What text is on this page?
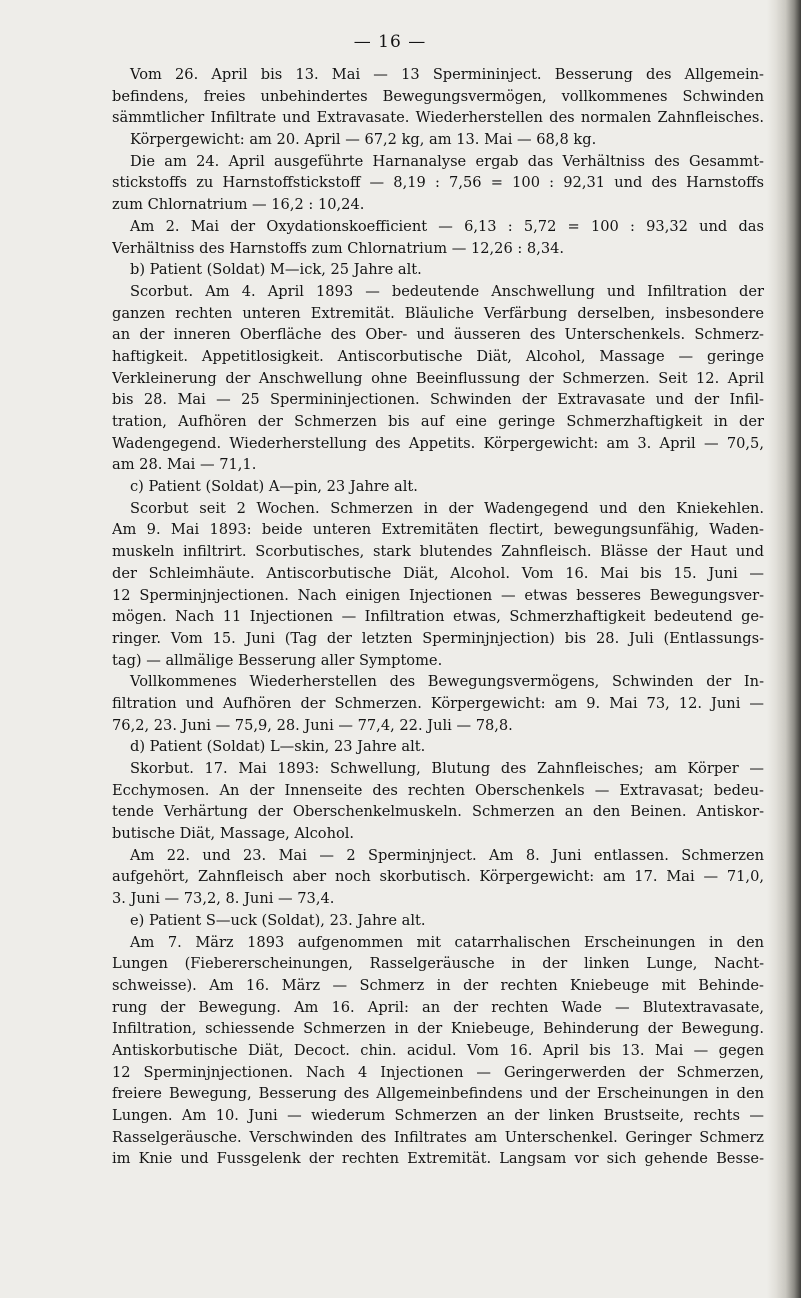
— 16 —
Vom 26. April bis 13. Mai — 13 Spermininject. Besserung des Allgemein-
befindens, freies unbehindertes Bewegungsvermögen, vollkommenes Schwinden
sämmtlicher Infiltrate und Extravasate. Wiederherstellen des normalen Zahnfleisches.
Körpergewicht: am 20. April — 67,2 kg, am 13. Mai — 68,8 kg.
Die am 24. April ausgeführte Harnanalyse ergab das Verhältniss des Gesammt-
stickstoffs zu Harnstoffstickstoff — 8,19 : 7,56 = 100 : 92,31 und des Harnstoffs
zum Chlornatrium — 16,2 : 10,24.
Am 2. Mai der Oxydationskoefficient — 6,13 : 5,72 = 100 : 93,32 und das
Verhältniss des Harnstoffs zum Chlornatrium — 12,26 : 8,34.
b) Patient (Soldat) M—ick, 25 Jahre alt.
Scorbut. Am 4. April 1893 — bedeutende Anschwellung und Infiltration der
ganzen rechten unteren Extremität. Bläuliche Verfärbung derselben, insbesondere
an der inneren Oberfläche des Ober- und äusseren des Unterschenkels. Schmerz-
haftigkeit. Appetitlosigkeit. Antiscorbutische Diät, Alcohol, Massage — geringe
Verkleinerung der Anschwellung ohne Beeinflussung der Schmerzen. Seit 12. April
bis 28. Mai — 25 Spermininjectionen. Schwinden der Extravasate und der Infil-
tration, Aufhören der Schmerzen bis auf eine geringe Schmerzhaftigkeit in der
Wadengegend. Wiederherstellung des Appetits. Körpergewicht: am 3. April — 70,5,
am 28. Mai — 71,1.
c) Patient (Soldat) A—pin, 23 Jahre alt.
Scorbut seit 2 Wochen. Schmerzen in der Wadengegend und den Kniekehlen.
Am 9. Mai 1893: beide unteren Extremitäten flectirt, bewegungsunfähig, Waden-
muskeln infiltrirt. Scorbutisches, stark blutendes Zahnfleisch. Blässe der Haut und
der Schleimhäute. Antiscorbutische Diät, Alcohol. Vom 16. Mai bis 15. Juni —
12 Sperminjnjectionen. Nach einigen Injectionen — etwas besseres Bewegungsver-
mögen. Nach 11 Injectionen — Infiltration etwas, Schmerzhaftigkeit bedeutend ge-
ringer. Vom 15. Juni (Tag der letzten Sperminjnjection) bis 28. Juli (Entlassungs-
tag) — allmälige Besserung aller Symptome.
Vollkommenes Wiederherstellen des Bewegungsvermögens, Schwinden der In-
filtration und Aufhören der Schmerzen. Körpergewicht: am 9. Mai 73, 12. Juni —
76,2, 23. Juni — 75,9, 28. Juni — 77,4, 22. Juli — 78,8.
d) Patient (Soldat) L—skin, 23 Jahre alt.
Skorbut. 17. Mai 1893: Schwellung, Blutung des Zahnfleisches; am Körper —
Ecchymosen. An der Innenseite des rechten Oberschenkels — Extravasat; bedeu-
tende Verhärtung der Oberschenkelmuskeln. Schmerzen an den Beinen. Antiskor-
butische Diät, Massage, Alcohol.
Am 22. und 23. Mai — 2 Sperminjnject. Am 8. Juni entlassen. Schmerzen
aufgehört, Zahnfleisch aber noch skorbutisch. Körpergewicht: am 17. Mai — 71,0,
3. Juni — 73,2, 8. Juni — 73,4.
e) Patient S—uck (Soldat), 23. Jahre alt.
Am 7. März 1893 aufgenommen mit catarrhalischen Erscheinungen in den
Lungen (Fiebererscheinungen, Rasselgeräusche in der linken Lunge, Nacht-
schweisse). Am 16. März — Schmerz in der rechten Kniebeuge mit Behinde-
rung der Bewegung. Am 16. April: an der rechten Wade — Blutextravasate,
Infiltration, schiessende Schmerzen in der Kniebeuge, Behinderung der Bewegung.
Antiskorbutische Diät, Decoct. chin. acidul. Vom 16. April bis 13. Mai — gegen
12 Sperminjnjectionen. Nach 4 Injectionen — Geringerwerden der Schmerzen,
freiere Bewegung, Besserung des Allgemeinbefindens und der Erscheinungen in den
Lungen. Am 10. Juni — wiederum Schmerzen an der linken Brustseite, rechts —
Rasselgeräusche. Verschwinden des Infiltrates am Unterschenkel. Geringer Schmerz
im Knie und Fussgelenk der rechten Extremität. Langsam vor sich gehende Besse-
